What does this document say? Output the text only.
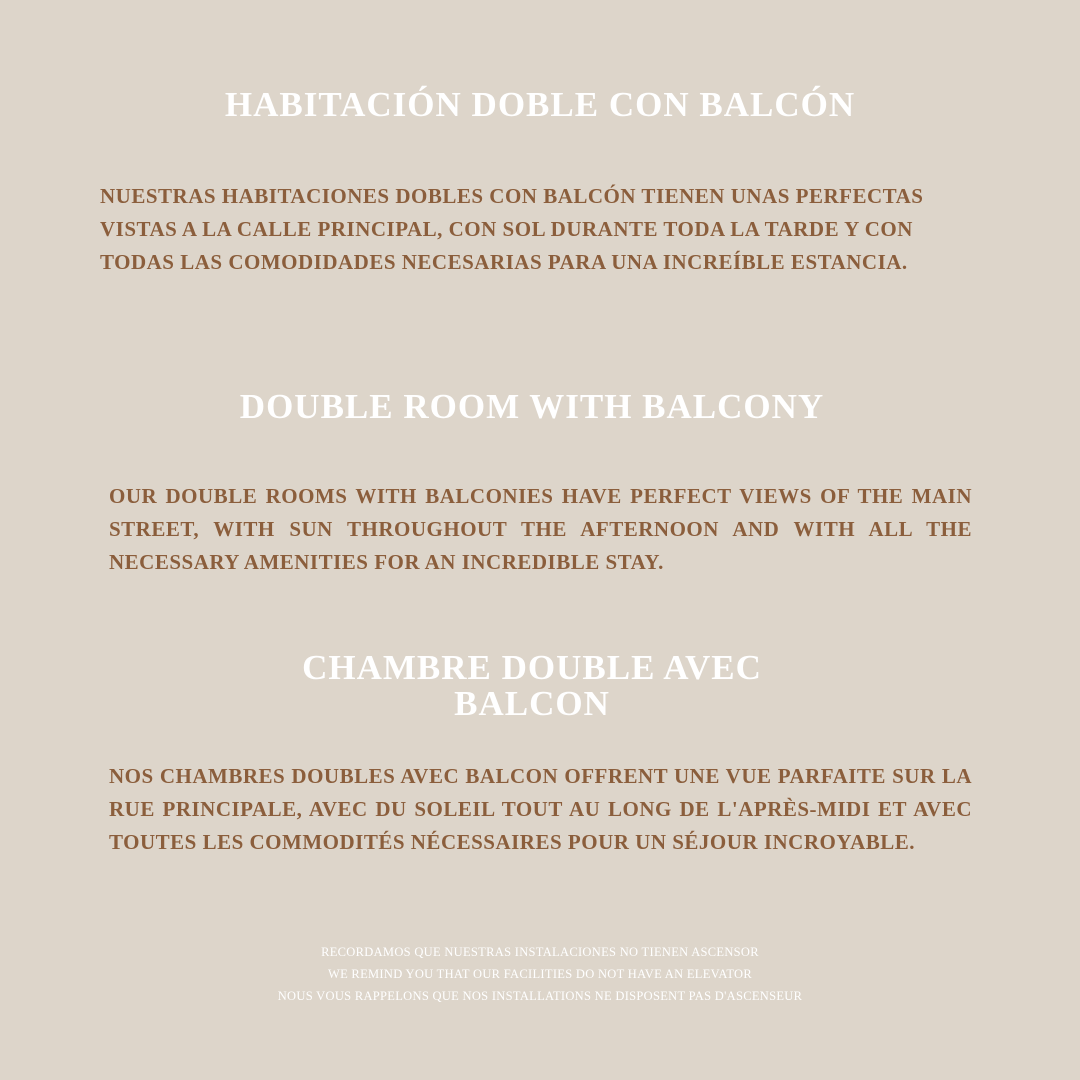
HABITACIÓN DOBLE CON BALCÓN

NUESTRAS HABITACIONES DOBLES CON BALCÓN TIENEN UNAS PERFECTAS VISTAS A LA CALLE PRINCIPAL, CON SOL DURANTE TODA LA TARDE Y CON TODAS LAS COMODIDADES NECESARIAS PARA UNA INCREÍBLE ESTANCIA.

DOUBLE ROOM WITH BALCONY

OUR DOUBLE ROOMS WITH BALCONIES HAVE PERFECT VIEWS OF THE MAIN STREET, WITH SUN THROUGHOUT THE AFTERNOON AND WITH ALL THE NECESSARY AMENITIES FOR AN INCREDIBLE STAY.

CHAMBRE DOUBLE AVEC
BALCON

NOS CHAMBRES DOUBLES AVEC BALCON OFFRENT UNE VUE PARFAITE SUR LA RUE PRINCIPALE, AVEC DU SOLEIL TOUT AU LONG DE L'APRÈS-MIDI ET AVEC TOUTES LES COMMODITÉS NÉCESSAIRES POUR UN SÉJOUR INCROYABLE.

RECORDAMOS QUE NUESTRAS INSTALACIONES NO TIENEN ASCENSOR
WE REMIND YOU THAT OUR FACILITIES DO NOT HAVE AN ELEVATOR
NOUS VOUS RAPPELONS QUE NOS INSTALLATIONS NE DISPOSENT PAS D'ASCENSEUR
